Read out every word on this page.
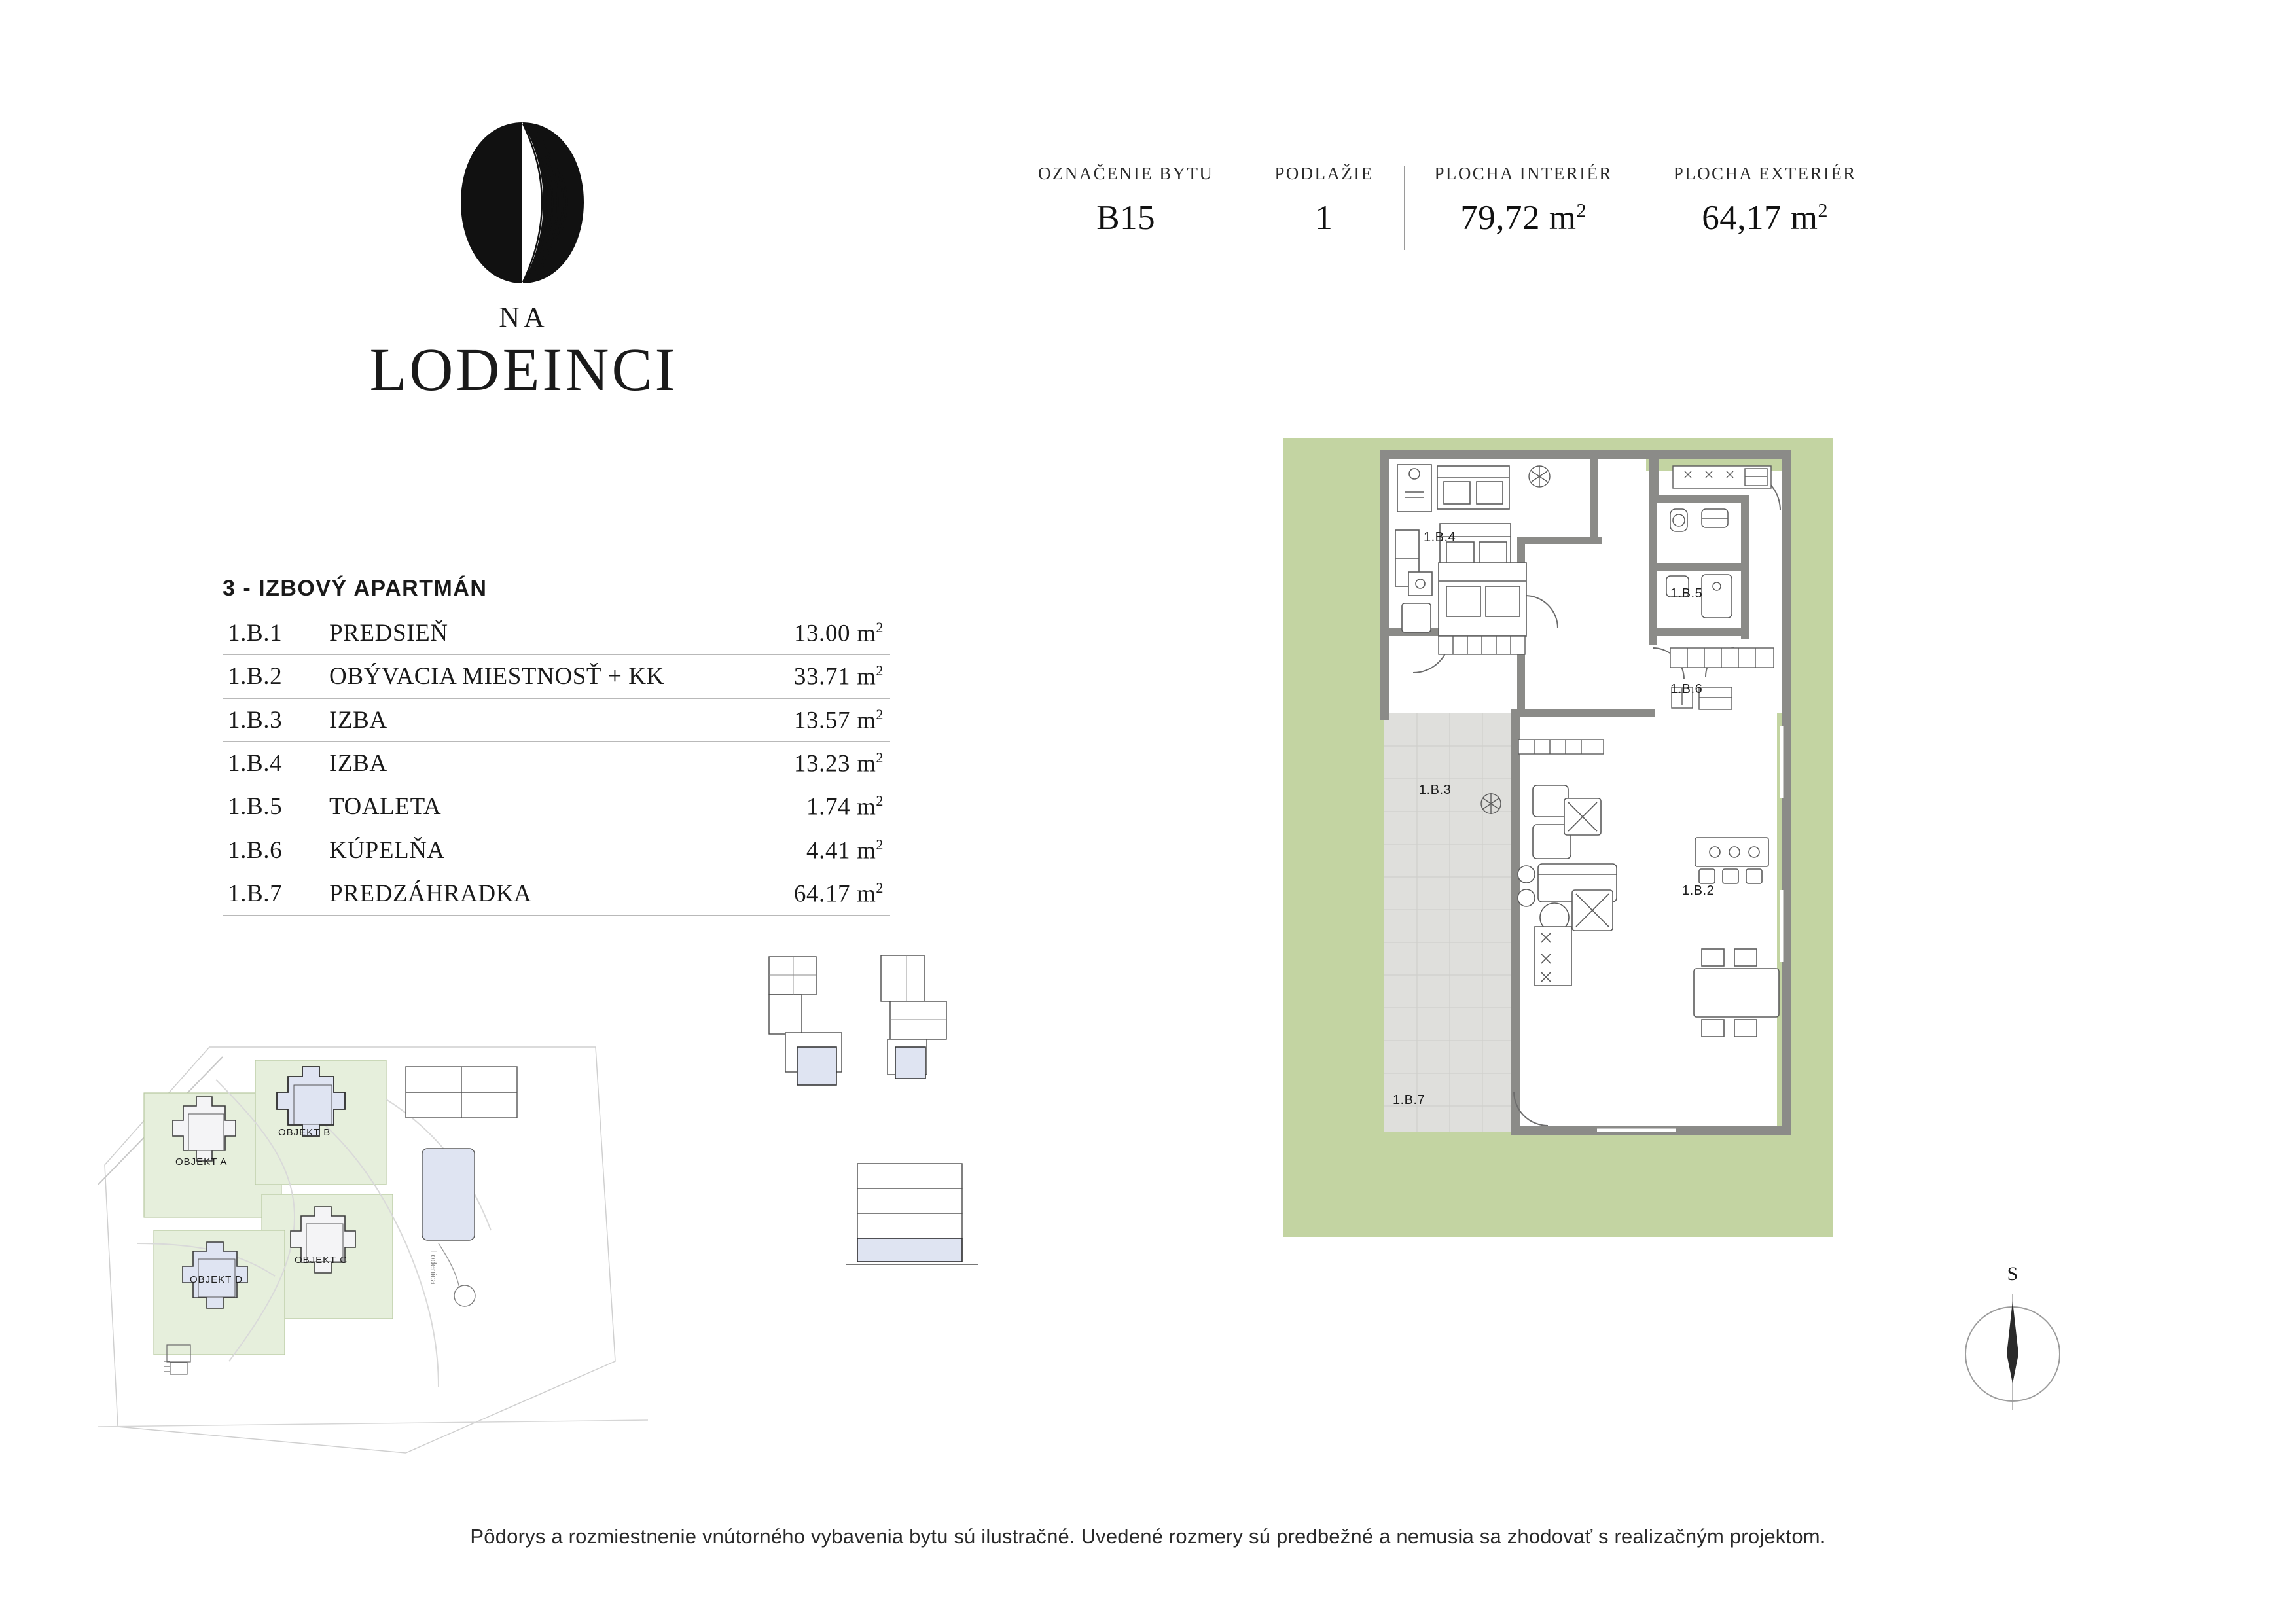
NA
LODEINCI
OZNAČENIE BYTU
B15
PODLAŽIE
1
PLOCHA INTERIÉR
79,72 $m^2$
PLOCHA EXTERIÉR
64,17 $m^2$
3 - IZBOVÝ APARTMÁN
1.B.1	PREDSIEŇ	13.00 $m^2$
1.B.2	OBÝVACIA MIESTNOSŤ + KK	33.71 $m^2$
1.B.3	IZBA	13.57 $m^2$
1.B.4	IZBA	13.23 $m^2$
1.B.5	TOALETA	1.74 $m^2$
1.B.6	KÚPELŇA	4.41 $m^2$
1.B.7	PREDZÁHRADKA	64.17 $m^2$
OBJEKT A
OBJEKT B
OBJEKT C
OBJEKT D	Lodenica
1.B.4
1.B.5
1.B.6
1.B.3
1.B.2
1.B.7
S
Pôdorys a rozmiestnenie vnútorného vybavenia bytu sú ilustračné. Uvedené rozmery sú predbežné a nemusia sa zhodovať s realizačným projektom.
